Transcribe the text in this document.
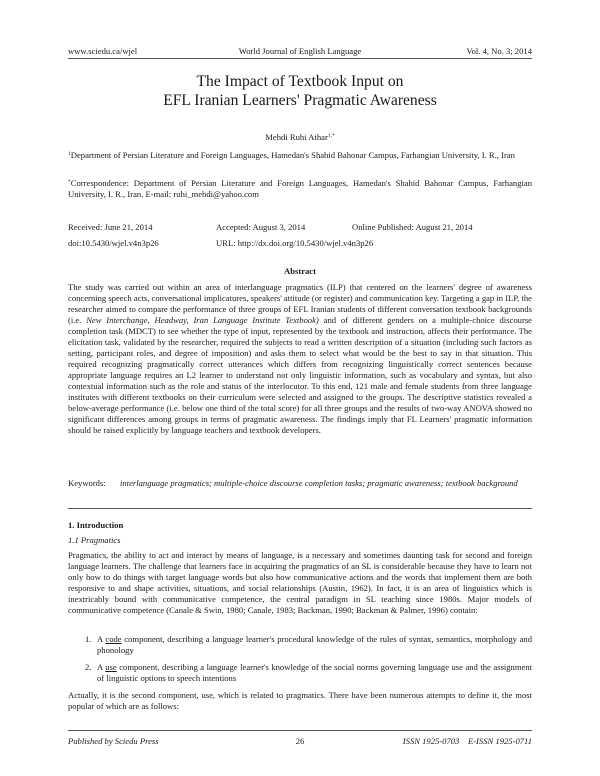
www.sciedu.ca/wjel	World Journal of English Language	Vol. 4, No. 3; 2014
The Impact of Textbook Input on
EFL Iranian Learners' Pragmatic Awareness
Mehdi Ruhi Athar$^{1,*}$
$^1$Department of Persian Literature and Foreign Languages, Hamedan's Shahid Bahonar Campus, Farhangian University, I. R., Iran
*Correspondence: Department of Persian Literature and Foreign Languages, Hamedan's Shahid Bahonar Campus, Farhangian University, I. R., Iran. E-mail: ruhi_mehdi@yahoo.com
Received: June 21, 2014	Accepted: August 3, 2014	Online Published: August 21, 2014
doi:10.5430/wjel.v4n3p26	URL: http://dx.doi.org/10.5430/wjel.v4n3p26
Abstract
The study was carried out within an area of interlanguage pragmatics (ILP) that centered on the learners' degree of awareness concerning speech acts, conversational implicatures, speakers' attitude (or register) and communication key. Targeting a gap in ILP, the researcher aimed to compare the performance of three groups of EFL Iranian students of different conversation textbook backgrounds (i.e. New Interchange, Headway, Iran Language Institute Textbook) and of different genders on a multiple-choice discourse completion task (MDCT) to see whether the type of input, represented by the textbook and instruction, affects their performance. The elicitation task, validated by the researcher, required the subjects to read a written description of a situation (including such factors as setting, participant roles, and degree of imposition) and asks them to select what would be the best to say in that situation. This required recognizing pragmatically correct utterances which differs from recognizing linguistically correct sentences because appropriate language requires an L2 learner to understand not only linguistic information, such as vocabulary and syntax, but also contextual information such as the role and status of the interlocutor. To this end, 121 male and female students from three language institutes with different textbooks on their curriculum were selected and assigned to the groups. The descriptive statistics revealed a below-average performance (i.e. below one third of the total score) for all three groups and the results of two-way ANOVA showed no significant differences among groups in terms of pragmatic awareness. The findings imply that FL Learners' pragmatic information should be raised explicitly by language teachers and textbook developers.
Keywords:	interlanguage pragmatics; multiple-choice discourse completion tasks; pragmatic awareness; textbook background
1. Introduction
1.1 Pragmatics
Pragmatics, the ability to act and interact by means of language, is a necessary and sometimes daunting task for second and foreign language learners. The challenge that learners face in acquiring the pragmatics of an SL is considerable because they have to learn not only how to do things with target language words but also how communicative actions and the words that implement them are both responsive to and shape activities, situations, and social relationships (Austin, 1962). In fact, it is an area of linguistics which is inextricably bound with communicative competence, the central paradigm in SL teaching since 1980s. Major models of communicative competence (Canale & Swin, 1980; Canale, 1983; Backman, 1990; Backman & Palmer, 1996) contain:
1. A code component, describing a language learner's procedural knowledge of the rules of syntax, semantics, morphology and phonology
2. A use component, describing a language learner's knowledge of the social norms governing language use and the assignment of linguistic options to speech intentions
Actually, it is the second component, use, which is related to pragmatics. There have been numerous attempts to define it, the most popular of which are as follows:
Published by Sciedu Press	26	ISSN 1925-0703    E-ISSN 1925-0711
